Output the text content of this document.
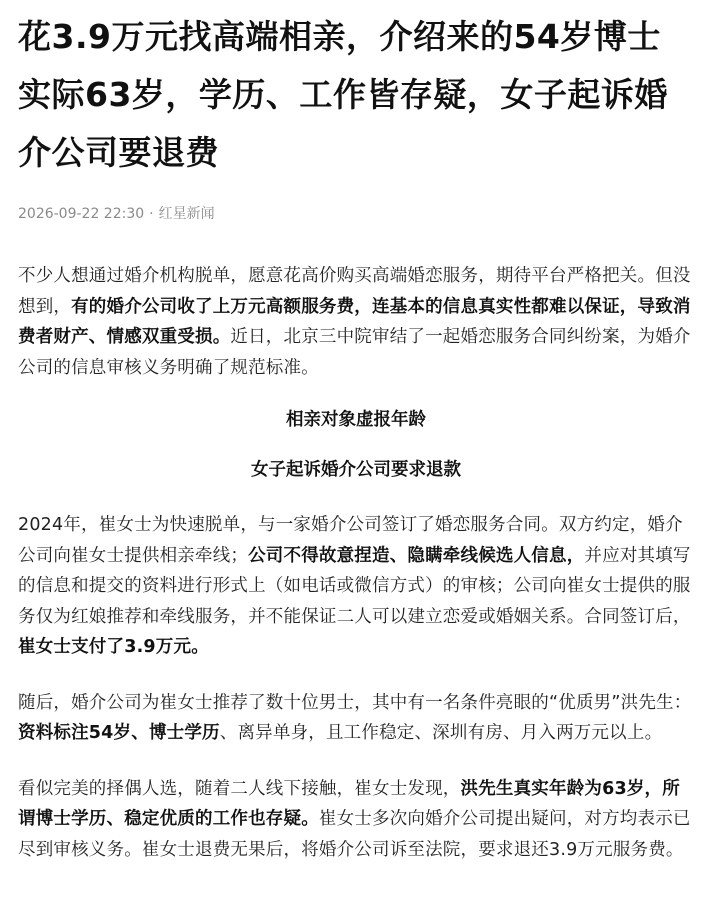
花3.9万元找高端相亲，介绍来的54岁博士实际63岁，学历、工作皆存疑，女子起诉婚介公司要退费
2026-09-22 22:30 · 红星新闻

不少人想通过婚介机构脱单，愿意花高价购买高端婚恋服务，期待平台严格把关。但没想到，有的婚介公司收了上万元高额服务费，连基本的信息真实性都难以保证，导致消费者财产、情感双重受损。近日，北京三中院审结了一起婚恋服务合同纠纷案，为婚介公司的信息审核义务明确了规范标准。

相亲对象虚报年龄
女子起诉婚介公司要求退款

2024年，崔女士为快速脱单，与一家婚介公司签订了婚恋服务合同。双方约定，婚介公司向崔女士提供相亲牵线；公司不得故意捏造、隐瞒牵线候选人信息，并应对其填写的信息和提交的资料进行形式上（如电话或微信方式）的审核；公司向崔女士提供的服务仅为红娘推荐和牵线服务，并不能保证二人可以建立恋爱或婚姻关系。合同签订后，崔女士支付了3.9万元。

随后，婚介公司为崔女士推荐了数十位男士，其中有一名条件亮眼的“优质男”洪先生：资料标注54岁、博士学历、离异单身，且工作稳定、深圳有房、月入两万元以上。

看似完美的择偶人选，随着二人线下接触，崔女士发现，洪先生真实年龄为63岁，所谓博士学历、稳定优质的工作也存疑。崔女士多次向婚介公司提出疑问，对方均表示已尽到审核义务。崔女士退费无果后，将婚介公司诉至法院，要求退还3.9万元服务费。
